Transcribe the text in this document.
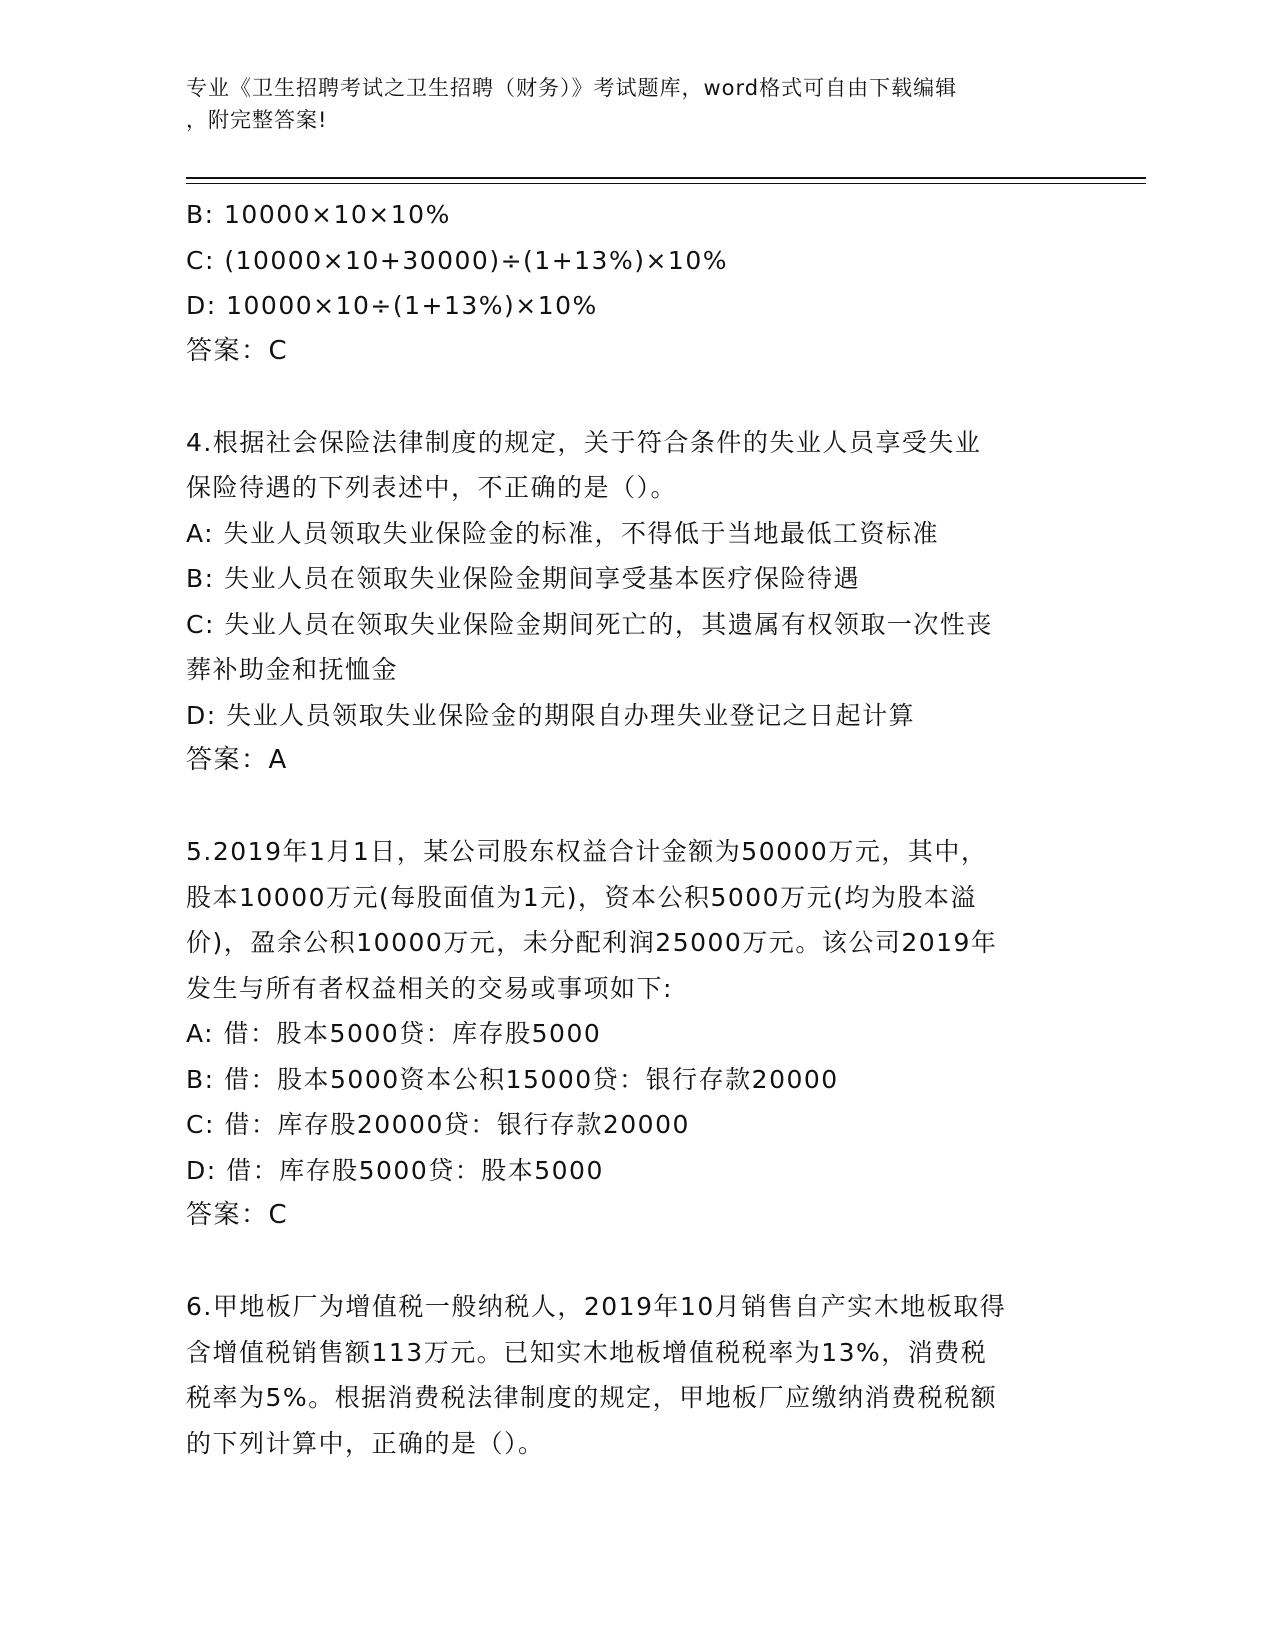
专业《卫生招聘考试之卫生招聘（财务）》考试题库，word格式可自由下载编辑
，附完整答案!
B: 10000×10×10%
C: (10000×10+30000)÷(1+13%)×10%
D: 10000×10÷(1+13%)×10%
答案：C
4.根据社会保险法律制度的规定，关于符合条件的失业人员享受失业
保险待遇的下列表述中，不正确的是（）。
A: 失业人员领取失业保险金的标准，不得低于当地最低工资标准
B: 失业人员在领取失业保险金期间享受基本医疗保险待遇
C: 失业人员在领取失业保险金期间死亡的，其遗属有权领取一次性丧
葬补助金和抚恤金
D: 失业人员领取失业保险金的期限自办理失业登记之日起计算
答案：A
5.2019年1月1日，某公司股东权益合计金额为50000万元，其中，
股本10000万元(每股面值为1元)，资本公积5000万元(均为股本溢
价)，盈余公积10000万元，未分配利润25000万元。该公司2019年
发生与所有者权益相关的交易或事项如下:
A: 借：股本5000贷：库存股5000
B: 借：股本5000资本公积15000贷：银行存款20000
C: 借：库存股20000贷：银行存款20000
D: 借：库存股5000贷：股本5000
答案：C
6.甲地板厂为增值税一般纳税人，2019年10月销售自产实木地板取得
含增值税销售额113万元。已知实木地板增值税税率为13%，消费税
税率为5%。根据消费税法律制度的规定，甲地板厂应缴纳消费税税额
的下列计算中，正确的是（）。
